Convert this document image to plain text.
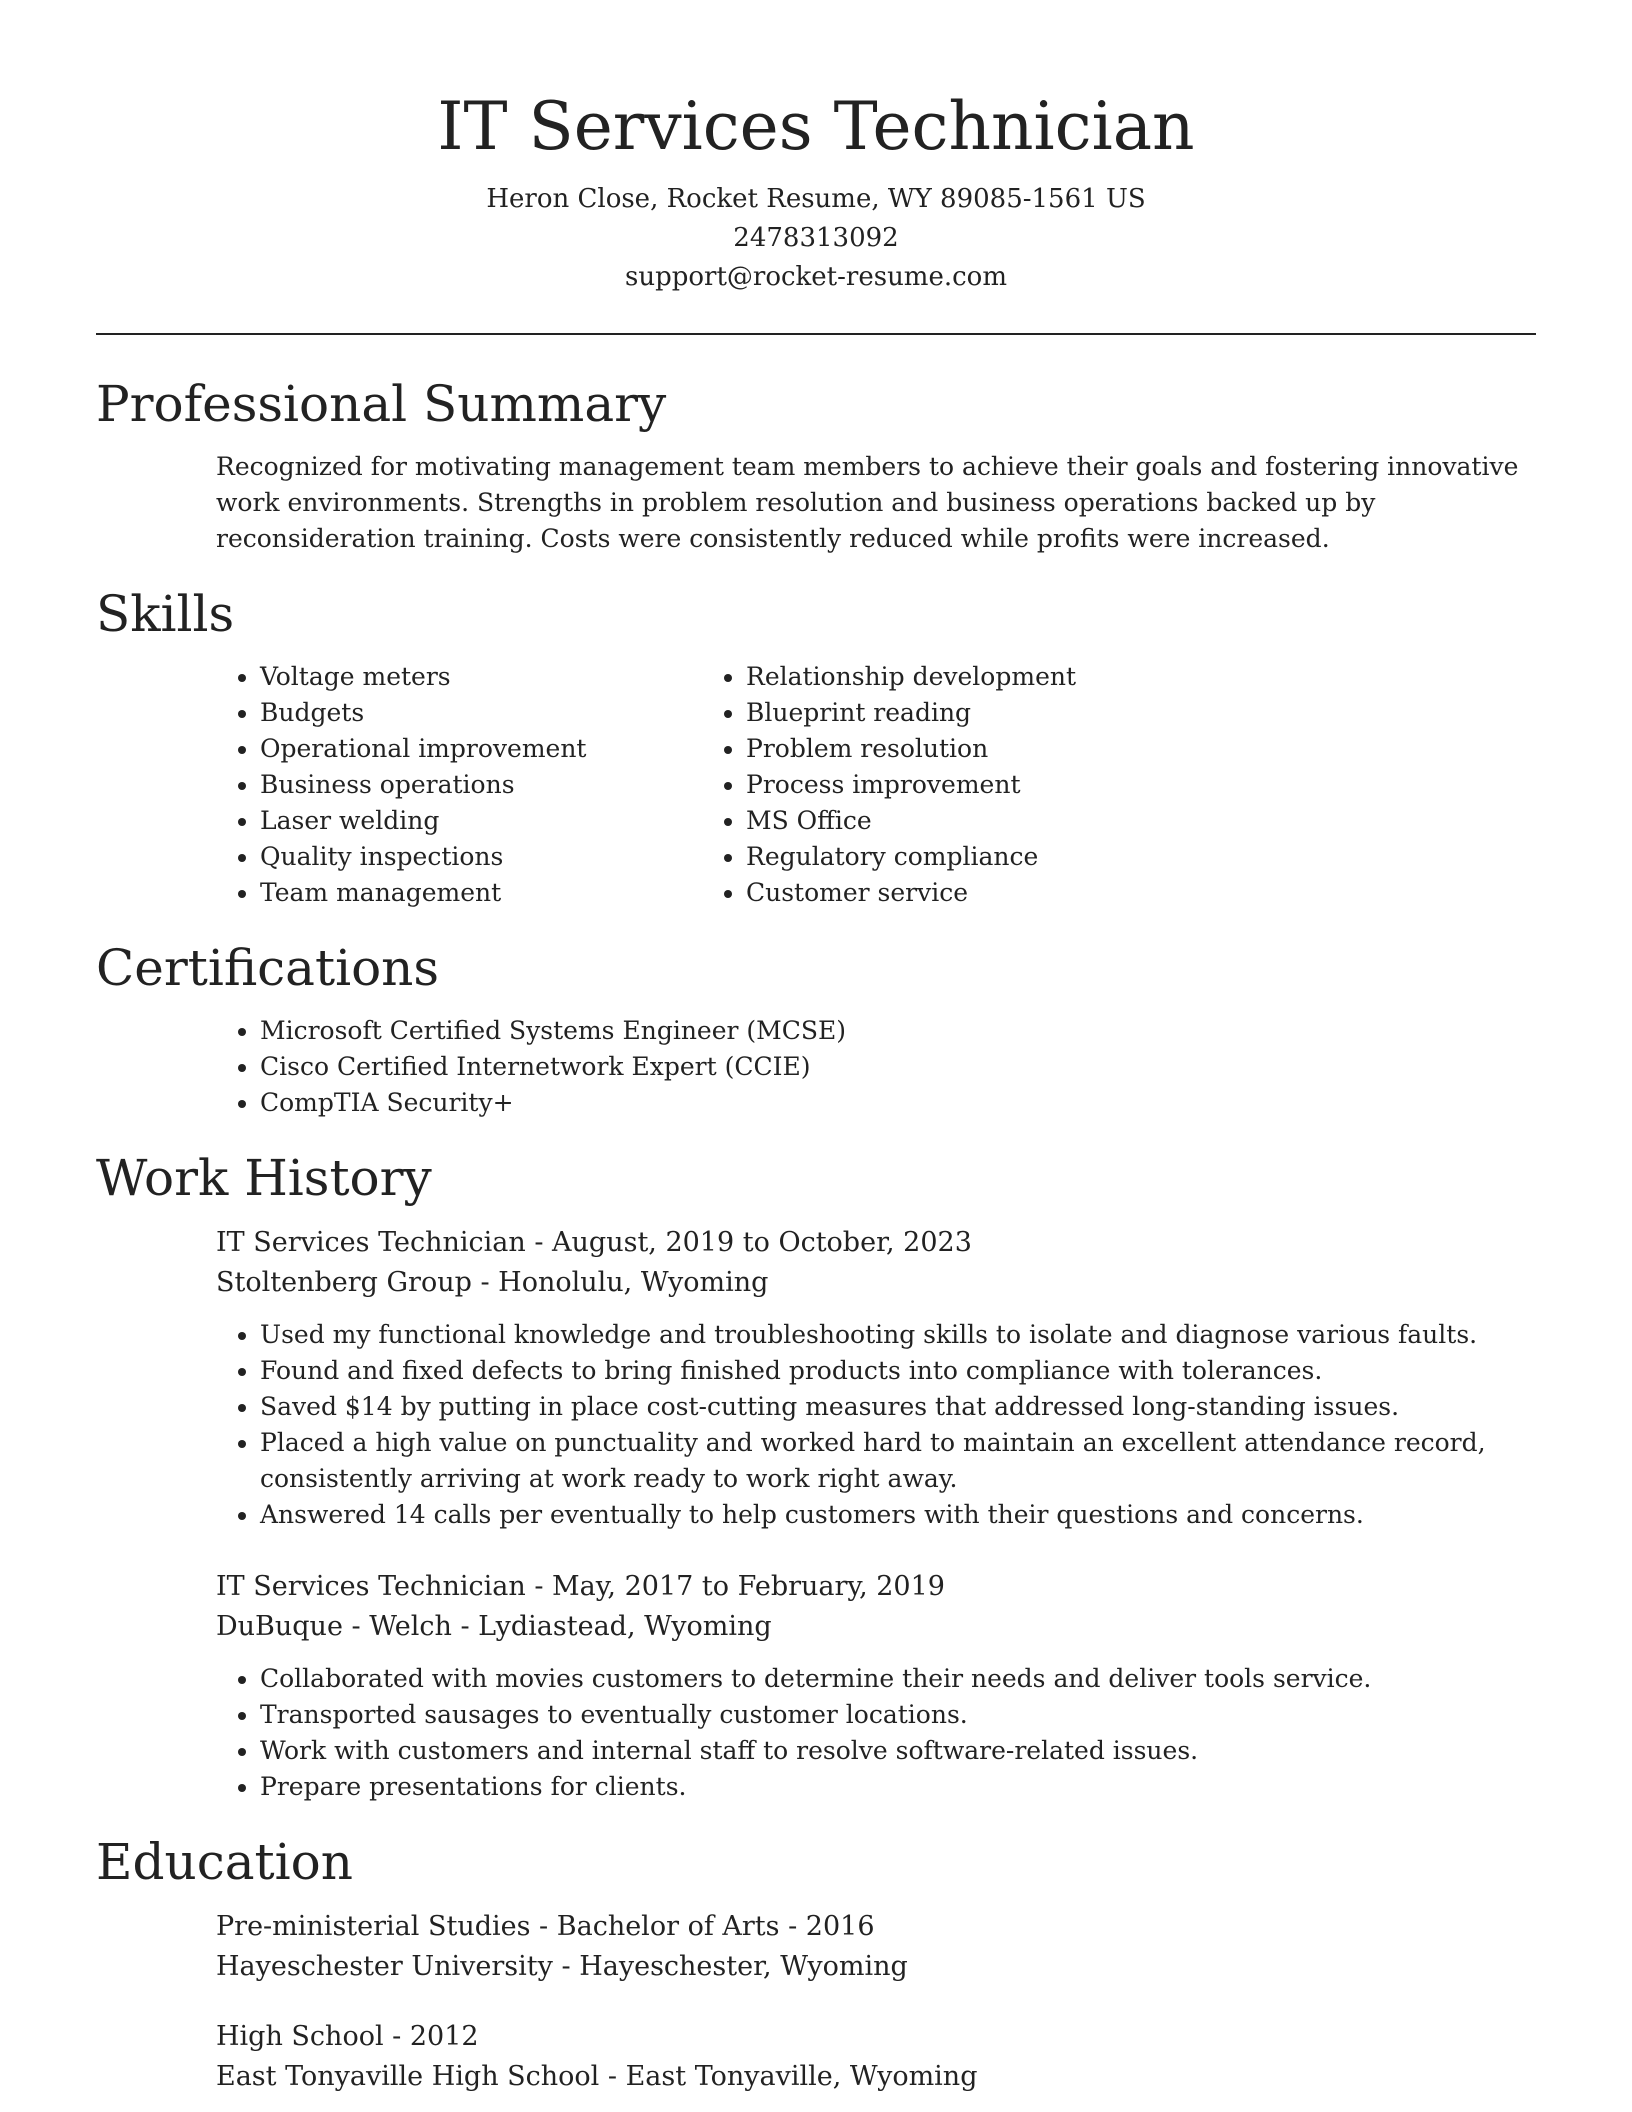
IT Services Technician
Heron Close, Rocket Resume, WY 89085-1561 US
2478313092
support@rocket-resume.com
Professional Summary

Recognized for motivating management team members to achieve their goals and fostering innovative work environments. Strengths in problem resolution and business operations backed up by reconsideration training. Costs were consistently reduced while profits were increased.

Skills
• Voltage meters
• Budgets
• Operational improvement
• Business operations
• Laser welding
• Quality inspections
• Team management
• Relationship development
• Blueprint reading
• Problem resolution
• Process improvement
• MS Office
• Regulatory compliance
• Customer service
Certifications
• Microsoft Certified Systems Engineer (MCSE)
• Cisco Certified Internetwork Expert (CCIE)
• CompTIA Security+
Work History
IT Services Technician - August, 2019 to October, 2023
Stoltenberg Group - Honolulu, Wyoming
• Used my functional knowledge and troubleshooting skills to isolate and diagnose various faults.
• Found and fixed defects to bring finished products into compliance with tolerances.
• Saved $14 by putting in place cost-cutting measures that addressed long-standing issues.
• Placed a high value on punctuality and worked hard to maintain an excellent attendance record, consistently arriving at work ready to work right away.
• Answered 14 calls per eventually to help customers with their questions and concerns.
IT Services Technician - May, 2017 to February, 2019
DuBuque - Welch - Lydiastead, Wyoming
• Collaborated with movies customers to determine their needs and deliver tools service.
• Transported sausages to eventually customer locations.
• Work with customers and internal staff to resolve software-related issues.
• Prepare presentations for clients.
Education
Pre-ministerial Studies - Bachelor of Arts - 2016
Hayeschester University - Hayeschester, Wyoming
High School - 2012
East Tonyaville High School - East Tonyaville, Wyoming
